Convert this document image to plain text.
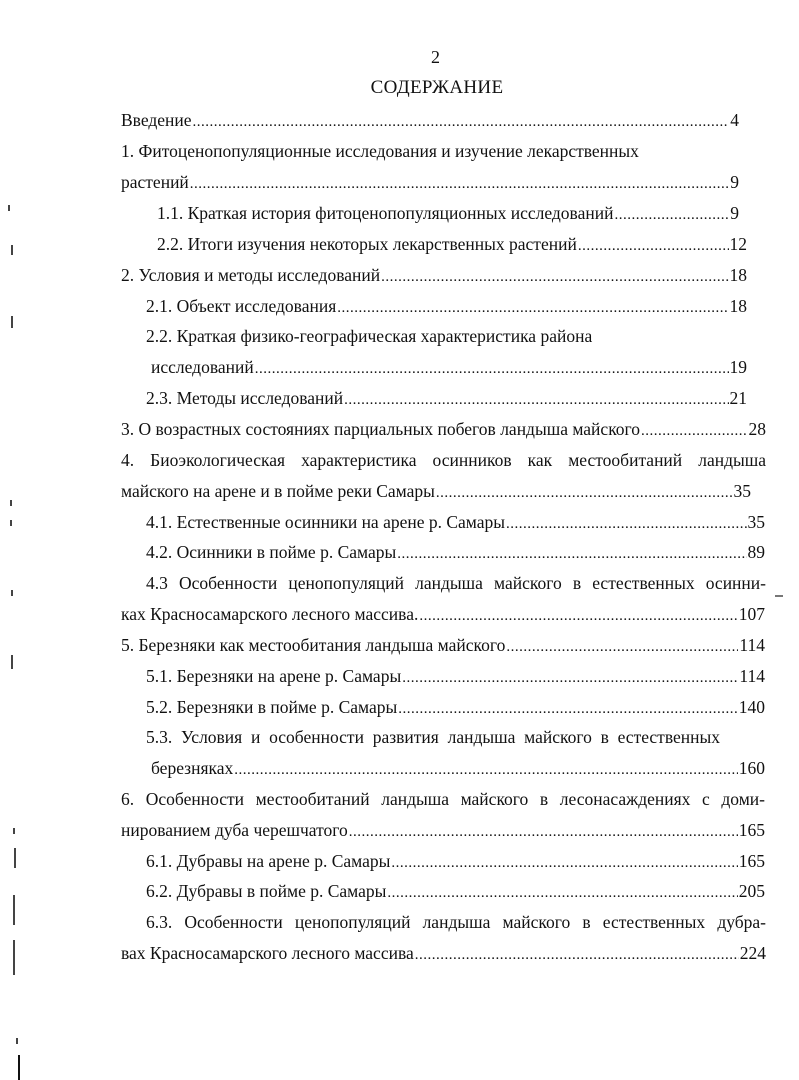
2
СОДЕРЖАНИЕ
Введение .....	4
1. Фитоценопопуляционные исследования и изучение лекарственных
растений .....	9
1.1. Краткая история фитоценопопуляционных исследований .....	9
2.2. Итоги изучения некоторых лекарственных растений .....	12
2. Условия и методы исследований .....	18
2.1. Объект исследования .....	18
2.2. Краткая физико-географическая характеристика района
исследований .....	19
2.3. Методы исследований .....	21
3. О возрастных состояниях парциальных побегов ландыша майского .....	28
4. Биоэкологическая характеристика осинников как местообитаний ландыша
майского на арене и в пойме реки Самары .....	35
4.1. Естественные осинники на арене р. Самары .....	35
4.2. Осинники в пойме р. Самары .....	89
4.3 Особенности ценопопуляций ландыша майского в естественных осинни-
ках Красносамарского лесного массива. .....	107
5. Березняки как местообитания ландыша майского .....	114
5.1. Березняки на арене р. Самары .....	114
5.2. Березняки в пойме р. Самары .....	140
5.3. Условия и особенности развития ландыша майского в естественных
березняках .....	160
6. Особенности местообитаний ландыша майского в лесонасаждениях с доми-
нированием дуба черешчатого .....	165
6.1. Дубравы на арене р. Самары .....	165
6.2. Дубравы в пойме р. Самары .....	205
6.3. Особенности ценопопуляций ландыша майского в естественных дубра-
вах Красносамарского лесного массива .....	224
